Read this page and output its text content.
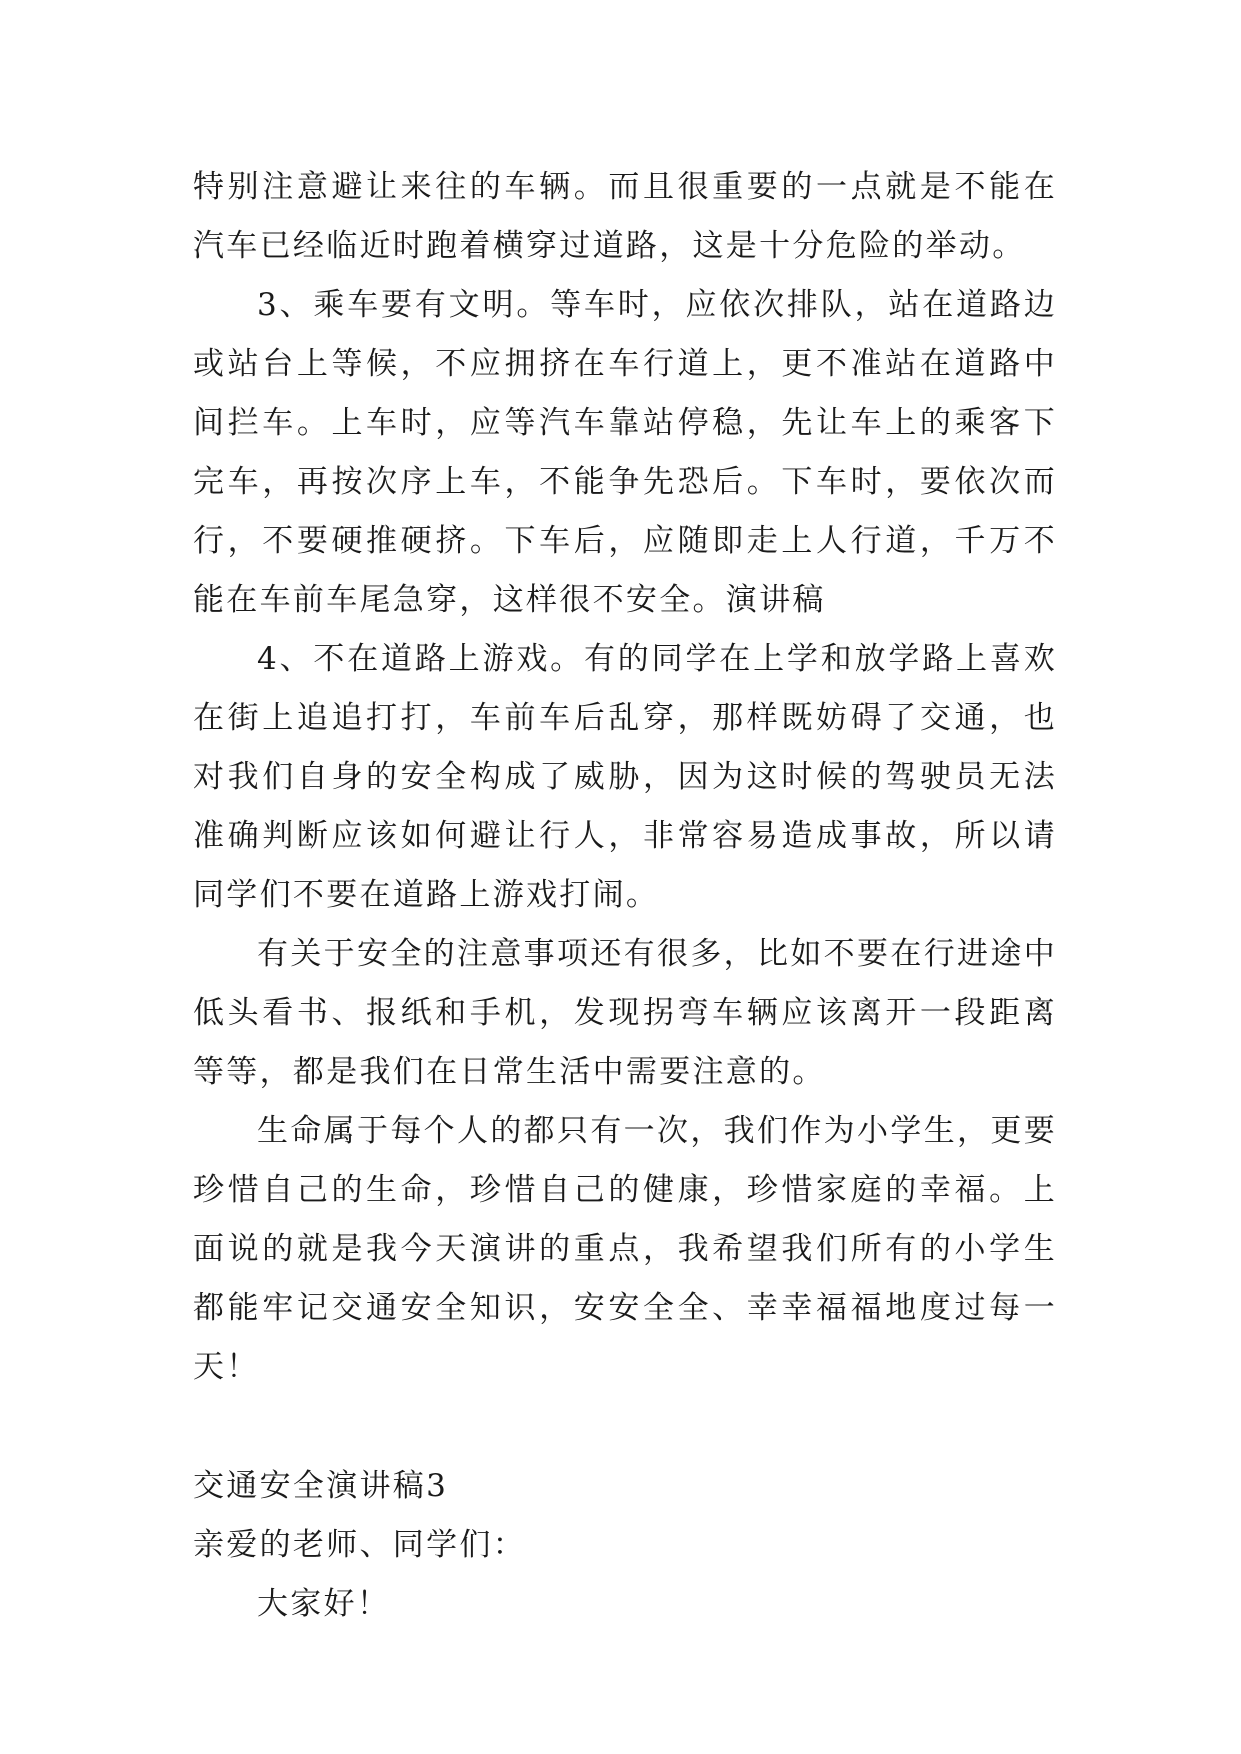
特别注意避让来往的车辆。而且很重要的一点就是不能在汽车已经临近时跑着横穿过道路，这是十分危险的举动。

3、乘车要有文明。等车时，应依次排队，站在道路边或站台上等候，不应拥挤在车行道上，更不准站在道路中间拦车。上车时，应等汽车靠站停稳，先让车上的乘客下完车，再按次序上车，不能争先恐后。下车时，要依次而行，不要硬推硬挤。下车后，应随即走上人行道，千万不能在车前车尾急穿，这样很不安全。演讲稿

4、不在道路上游戏。有的同学在上学和放学路上喜欢在街上追追打打，车前车后乱穿，那样既妨碍了交通，也对我们自身的安全构成了威胁，因为这时候的驾驶员无法准确判断应该如何避让行人，非常容易造成事故，所以请同学们不要在道路上游戏打闹。

有关于安全的注意事项还有很多，比如不要在行进途中低头看书、报纸和手机，发现拐弯车辆应该离开一段距离等等，都是我们在日常生活中需要注意的。

生命属于每个人的都只有一次，我们作为小学生，更要珍惜自己的生命，珍惜自己的健康，珍惜家庭的幸福。上面说的就是我今天演讲的重点，我希望我们所有的小学生都能牢记交通安全知识，安安全全、幸幸福福地度过每一天！

交通安全演讲稿3

亲爱的老师、同学们：

大家好！
